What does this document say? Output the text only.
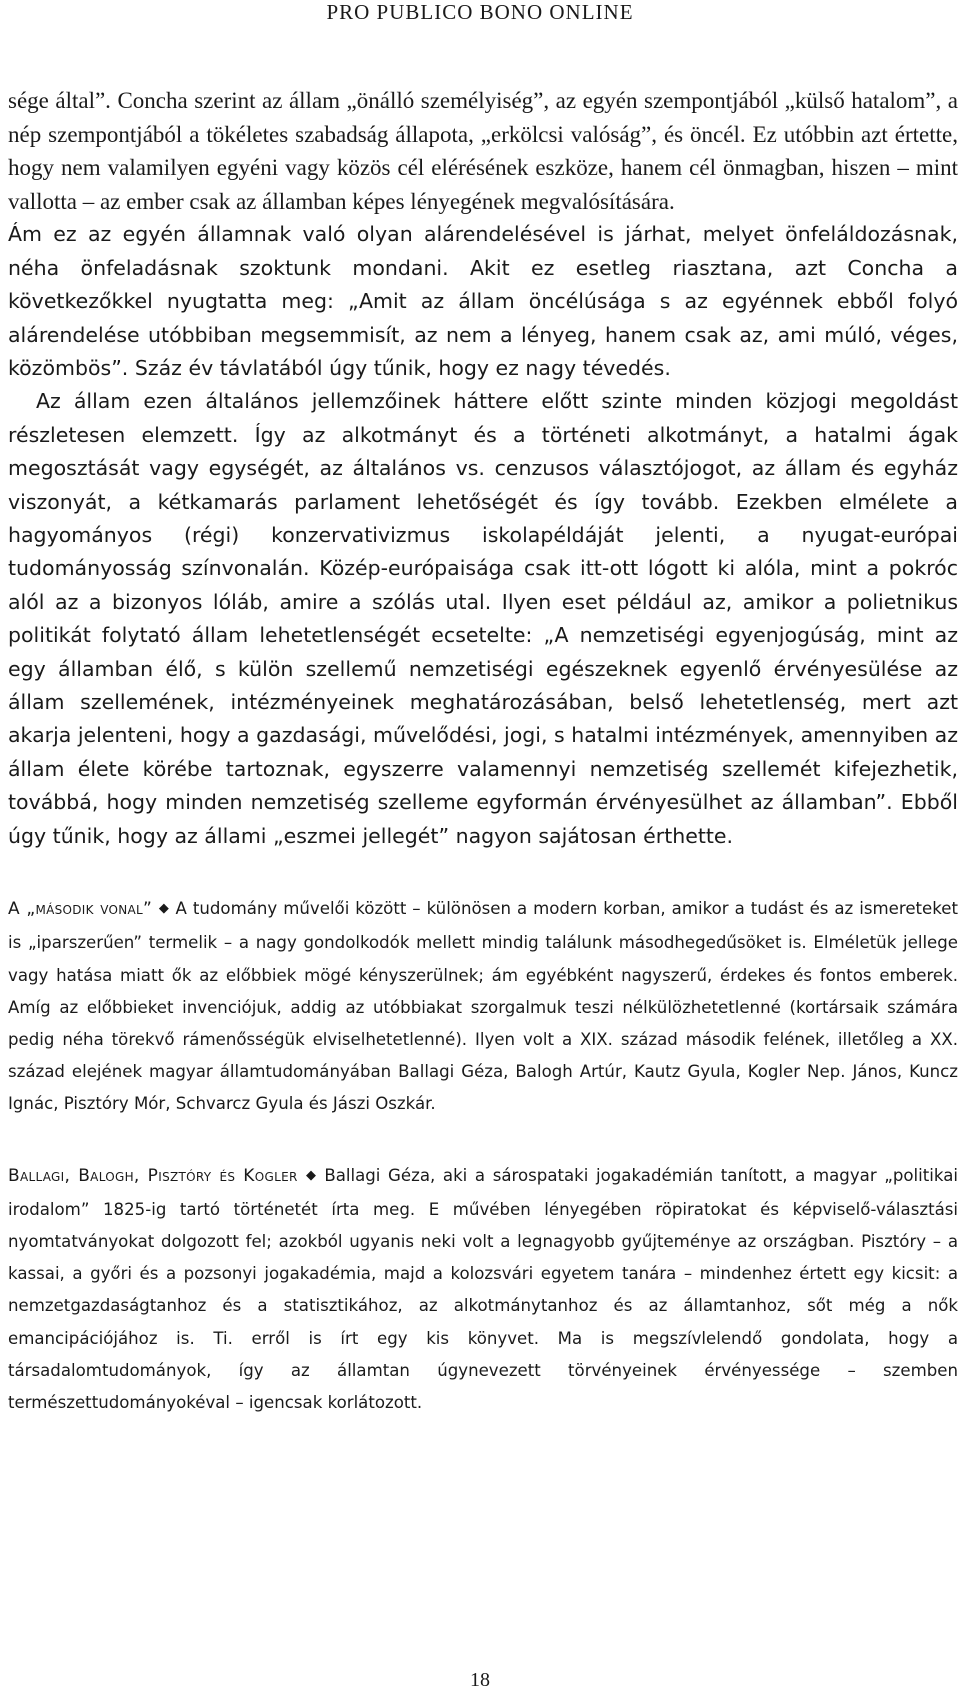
PRO PUBLICO BONO ONLINE

sége által”. Concha szerint az állam „önálló személyiség”, az egyén szempontjából „külső hatalom”, a nép szempontjából a tökéletes szabadság állapota, „erkölcsi valóság”, és öncél. Ez utóbbin azt értette, hogy nem valamilyen egyéni vagy közös cél elérésének eszköze, hanem cél önmagban, hiszen – mint vallotta – az ember csak az államban képes lényegének megvalósítására.

Ám ez az egyén államnak való olyan alárendelésével is járhat, melyet önfeláldozásnak, néha önfeladásnak szoktunk mondani. Akit ez esetleg riasztana, azt Concha a következőkkel nyugtatta meg: „Amit az állam öncélúsága s az egyénnek ebből folyó alárendelése utóbbiban megsemmisít, az nem a lényeg, hanem csak az, ami múló, véges, közömbös”. Száz év távlatából úgy tűnik, hogy ez nagy tévedés.

Az állam ezen általános jellemzőinek háttere előtt szinte minden közjogi megoldást részletesen elemzett. Így az alkotmányt és a történeti alkotmányt, a hatalmi ágak megosztását vagy egységét, az általános vs. cenzusos választójogot, az állam és egyház viszonyát, a kétkamarás parlament lehetőségét és így tovább. Ezekben elmélete a hagyományos (régi) konzervativizmus iskolapéldáját jelenti, a nyugat-európai tudományosság színvonalán. Közép-európaisága csak itt-ott lógott ki alóla, mint a pokróc alól az a bizonyos lóláb, amire a szólás utal. Ilyen eset például az, amikor a polietnikus politikát folytató állam lehetetlenségét ecsetelte: „A nemzetiségi egyenjogúság, mint az egy államban élő, s külön szellemű nemzetiségi egészeknek egyenlő érvényesülése az állam szellemének, intézményeinek meghatározásában, belső lehetetlenség, mert azt akarja jelenteni, hogy a gazdasági, művelődési, jogi, s hatalmi intézmények, amennyiben az állam élete körébe tartoznak, egyszerre valamennyi nemzetiség szellemét kifejezhetik, továbbá, hogy minden nemzetiség szelleme egyformán érvényesülhet az államban”. Ebből úgy tűnik, hogy az állami „eszmei jellegét” nagyon sajátosan érthette.

A „második vonal” ◆ A tudomány művelői között – különösen a modern korban, amikor a tudást és az ismereteket is „iparszerűen” termelik – a nagy gondolkodók mellett mindig találunk másodhegedűsöket is. Elméletük jellege vagy hatása miatt ők az előbbiek mögé kényszerülnek; ám egyébként nagyszerű, érdekes és fontos emberek. Amíg az előbbieket invenciójuk, addig az utóbbiakat szorgalmuk teszi nélkülözhetetlenné (kortársaik számára pedig néha törekvő rámenősségük elviselhetetlenné). Ilyen volt a XIX. század második felének, illetőleg a XX. század elejének magyar államtudományában Ballagi Géza, Balogh Artúr, Kautz Gyula, Kogler Nep. János, Kuncz Ignác, Pisztóry Mór, Schvarcz Gyula és Jászi Oszkár.

Ballagi, Balogh, Pisztóry és Kogler ◆ Ballagi Géza, aki a sárospataki jogakadémián tanított, a magyar „politikai irodalom” 1825-ig tartó történetét írta meg. E művében lényegében röpiratokat és képviselő-választási nyomtatványokat dolgozott fel; azokból ugyanis neki volt a legnagyobb gyűjteménye az országban. Pisztóry – a kassai, a győri és a pozsonyi jogakadémia, majd a kolozsvári egyetem tanára – mindenhez értett egy kicsit: a nemzetgazdaságtanhoz és a statisztikához, az alkotmánytanhoz és az államtanhoz, sőt még a nők emancipációjához is. Ti. erről is írt egy kis könyvet. Ma is megszívlelendő gondolata, hogy a társadalomtudományok, így az államtan úgynevezett törvényeinek érvényessége – szemben természettudományokéval – igencsak korlátozott.

18
